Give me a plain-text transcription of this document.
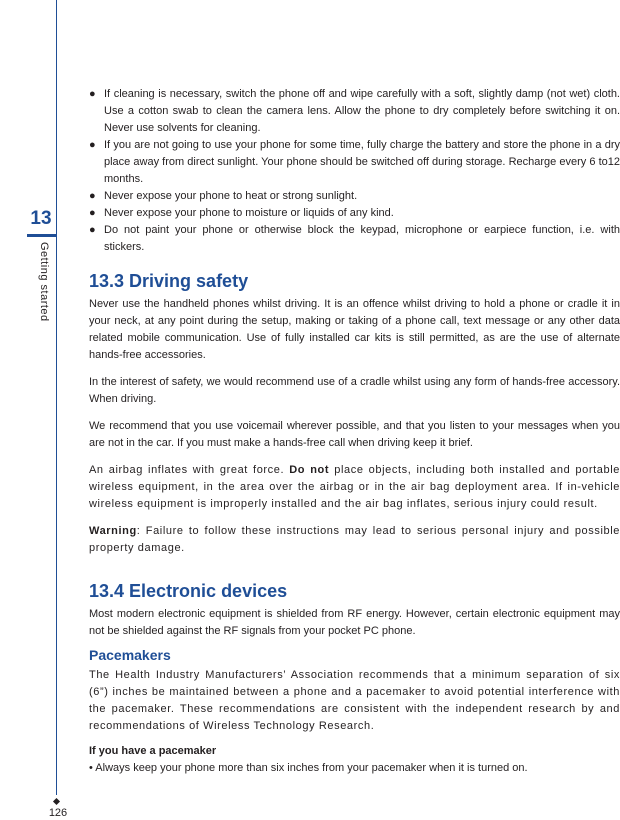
13
Getting started
● If cleaning is necessary, switch the phone off and wipe carefully with a soft, slightly damp (not wet) cloth. Use a cotton swab to clean the camera lens. Allow the phone to dry completely before switching it on. Never use solvents for cleaning.
● If you are not going to use your phone for some time, fully charge the battery and store the phone in a dry place away from direct sunlight. Your phone should be switched off during storage. Recharge every 6 to12 months.
● Never expose your phone to heat or strong sunlight.
● Never expose your phone to moisture or liquids of any kind.
● Do not paint your phone or otherwise block the keypad, microphone or earpiece function, i.e. with stickers.
13.3 Driving safety

Never use the handheld phones whilst driving. It is an offence whilst driving to hold a phone or cradle it in your neck, at any point during the setup, making or taking of a phone call, text message or any other data related mobile communication. Use of fully installed car kits is still permitted, as are the use of alternate hands-free accessories.

In the interest of safety, we would recommend use of a cradle whilst using any form of hands-free accessory. When driving.

We recommend that you use voicemail wherever possible, and that you listen to your messages when you are not in the car. If you must make a hands-free call when driving keep it brief.

An airbag inflates with great force. Do not place objects, including both installed and portable wireless equipment, in the area over the airbag or in the air bag deployment area. If in-vehicle wireless equipment is improperly installed and the air bag inflates, serious injury could result.

Warning: Failure to follow these instructions may lead to serious personal injury and possible property damage.

13.4 Electronic devices

Most modern electronic equipment is shielded from RF energy. However, certain electronic equipment may not be shielded against the RF signals from your pocket PC phone.

Pacemakers

The Health Industry Manufacturers’ Association recommends that a minimum separation of six (6”) inches be maintained between a phone and a pacemaker to avoid potential interference with the pacemaker. These recommendations are consistent with the independent research by and recommendations of Wireless Technology Research.

If you have a pacemaker

• Always keep your phone more than six inches from your pacemaker when it is turned on.

126
